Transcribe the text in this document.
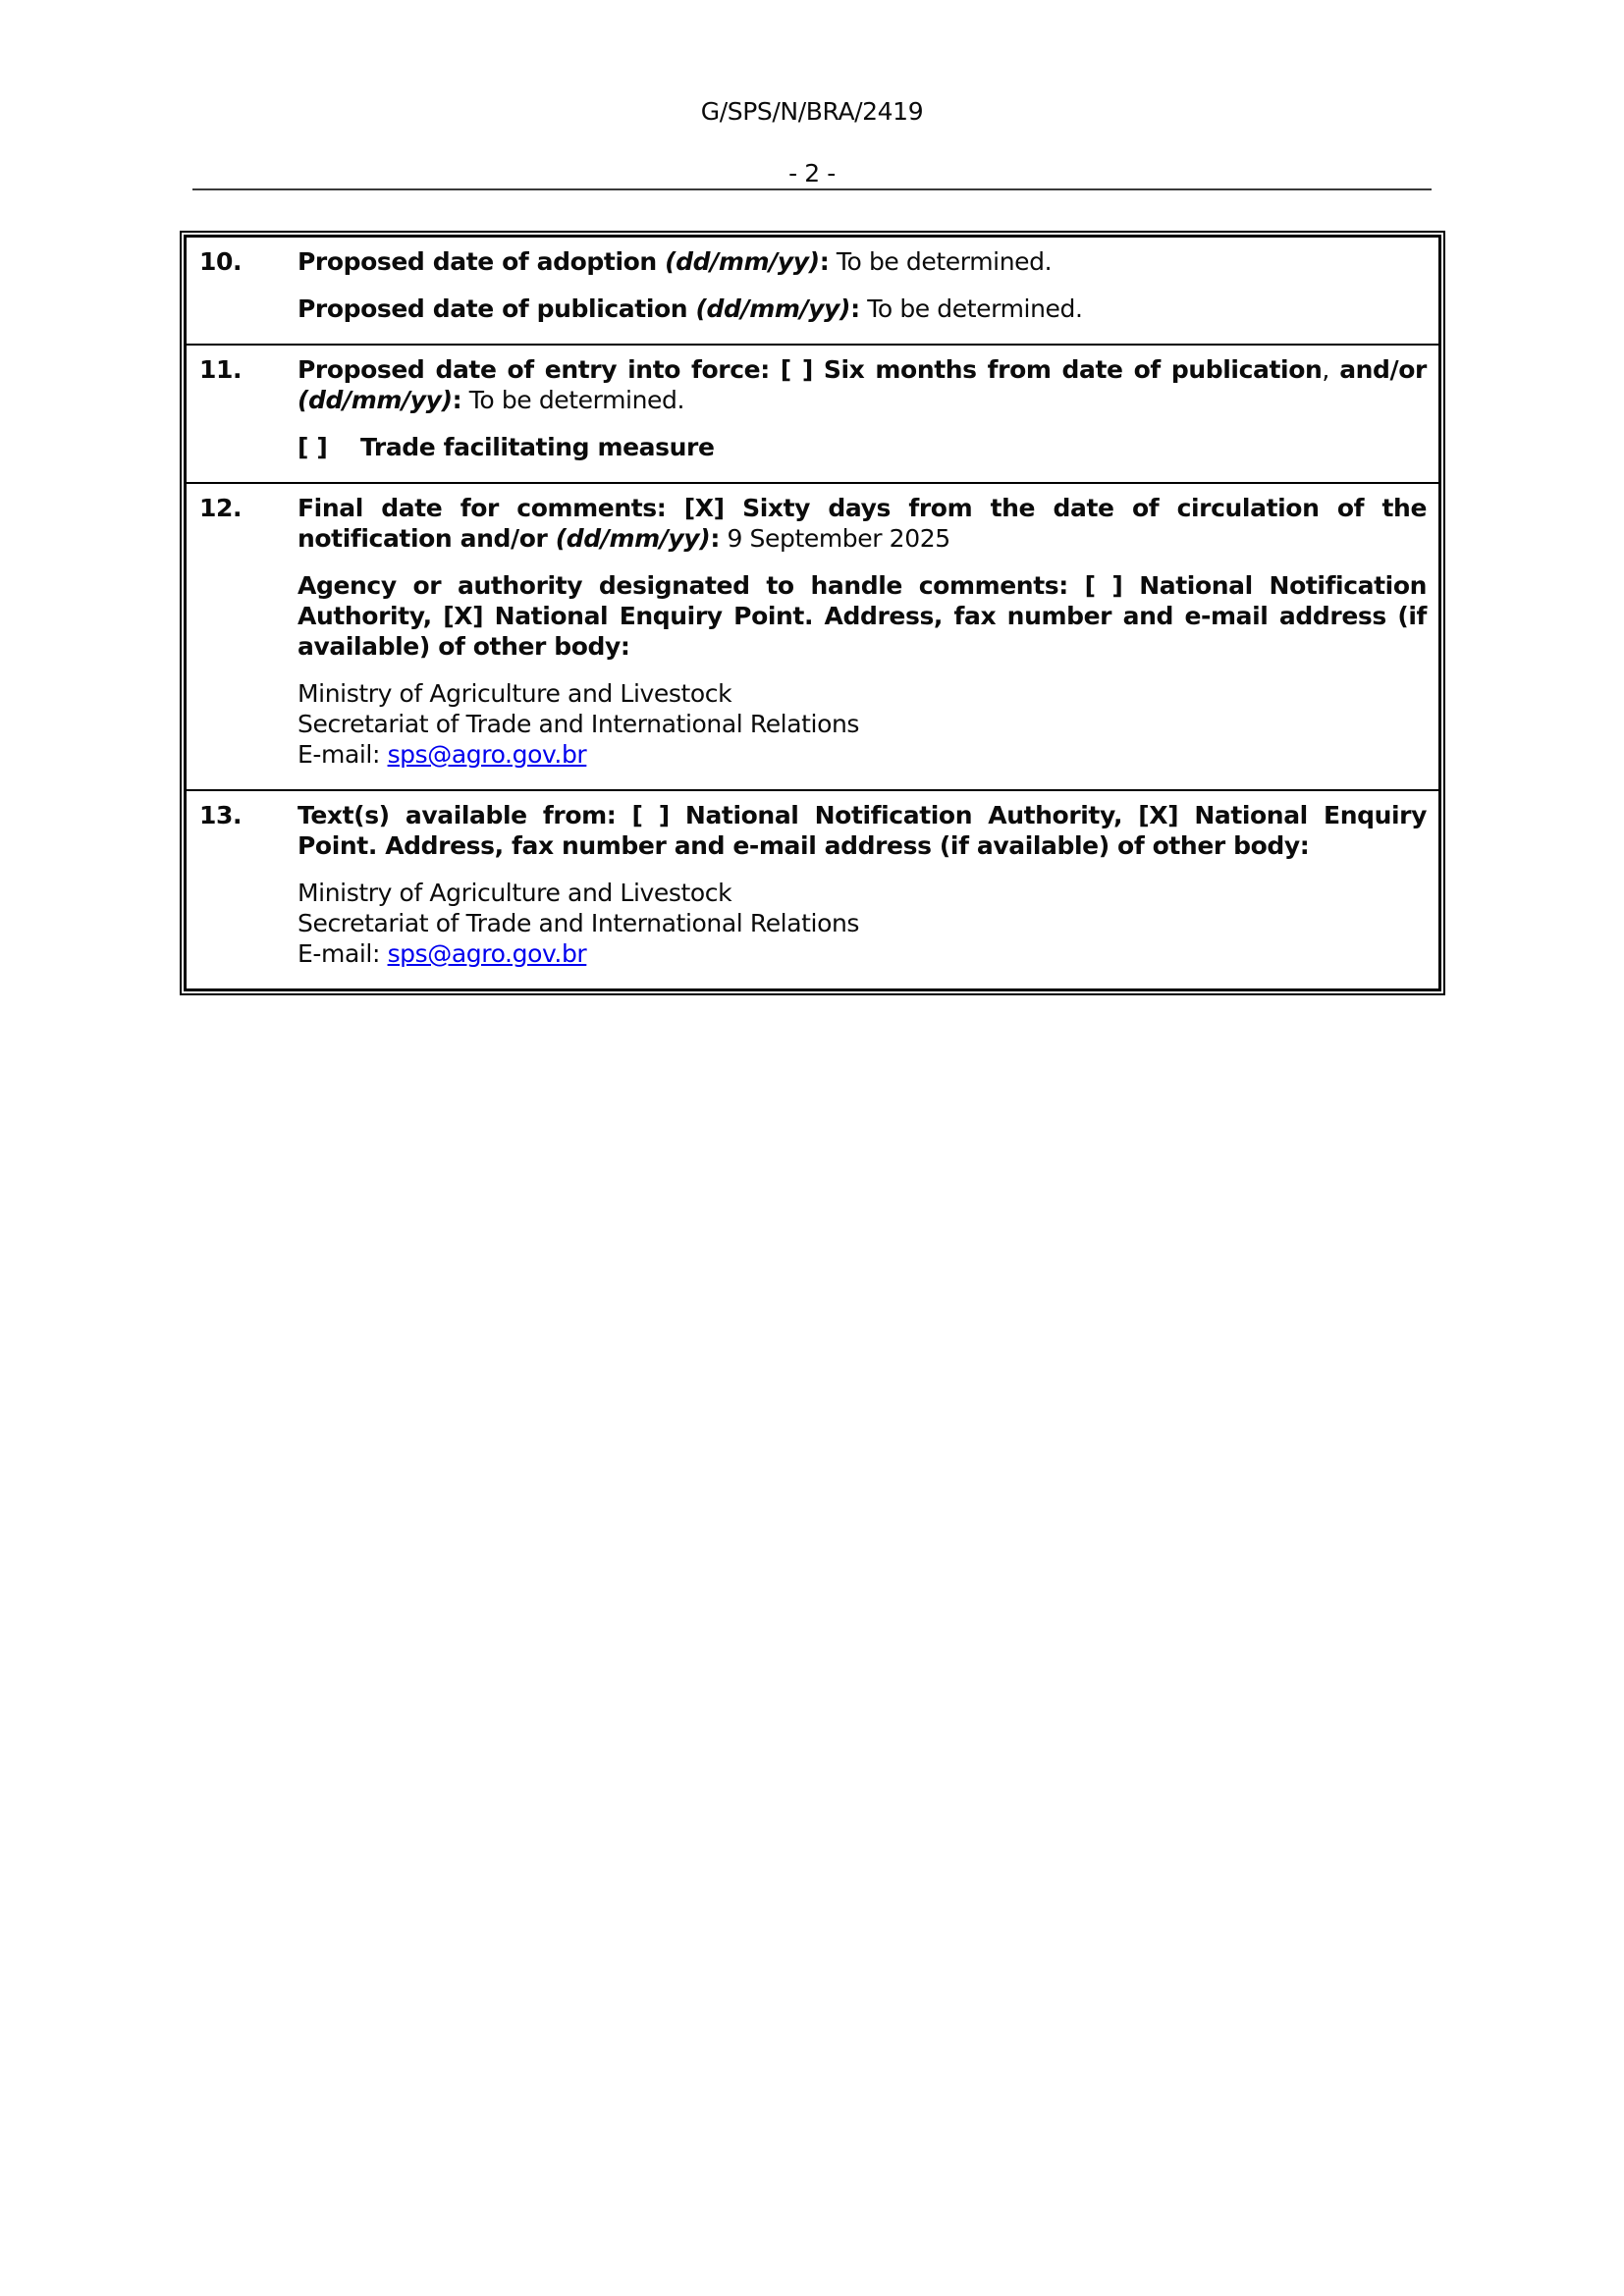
G/SPS/N/BRA/2419
- 2 -
10.	Proposed date of adoption (dd/mm/yy): To be determined.

Proposed date of publication (dd/mm/yy): To be determined.

11.	Proposed date of entry into force: [ ] Six months from date of publication, and/or (dd/mm/yy): To be determined.

[ ] Trade facilitating measure

12.	Final date for comments: [X] Sixty days from the date of circulation of the notification and/or (dd/mm/yy): 9 September 2025

Agency or authority designated to handle comments: [ ] National Notification Authority, [X] National Enquiry Point. Address, fax number and e-mail address (if available) of other body:

Ministry of Agriculture and Livestock
Secretariat of Trade and International Relations
E-mail: sps@agro.gov.br
13.	Text(s) available from: [ ] National Notification Authority, [X] National Enquiry Point. Address, fax number and e-mail address (if available) of other body:

Ministry of Agriculture and Livestock
Secretariat of Trade and International Relations
E-mail: sps@agro.gov.br
